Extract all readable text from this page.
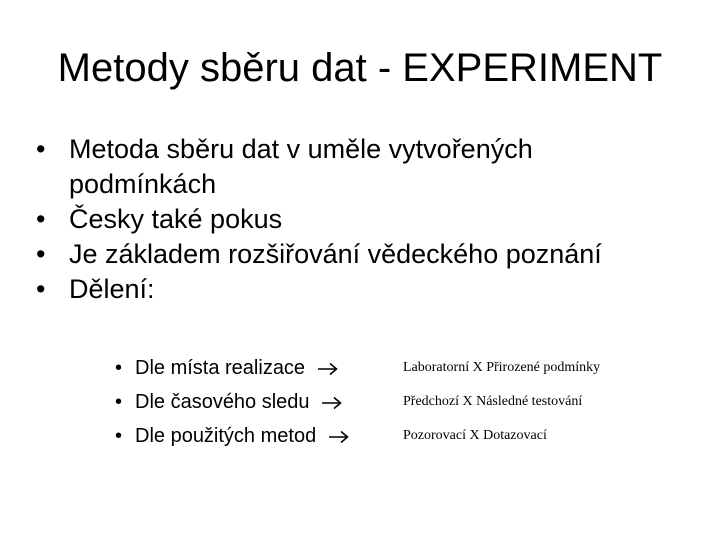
Metody sběru dat - EXPERIMENT
• Metoda sběru dat v uměle vytvořených podmínkách
• Česky také pokus
• Je základem rozšiřování vědeckého poznání
• Dělení:
• Dle místa realizace
• Dle časového sledu
• Dle použitých metod
Laboratorní X Přirozené podmínky
Předchozí X Následné testování
Pozorovací X Dotazovací
